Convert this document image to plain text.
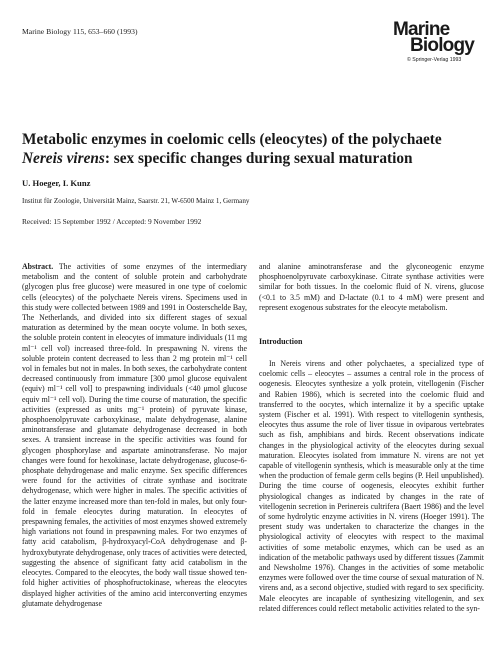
Marine Biology 115, 653–660 (1993)	Marine
Biology
© Springer-Verlag 1993
Metabolic enzymes in coelomic cells (eleocytes) of the polychaete
Nereis virens: sex specific changes during sexual maturation
U. Hoeger, I. Kunz
Institut für Zoologie, Universität Mainz, Saarstr. 21, W-6500 Mainz 1, Germany
Received: 15 September 1992 / Accepted: 9 November 1992

Abstract. The activities of some enzymes of the intermediary metabolism and the content of soluble protein and carbohydrate (glycogen plus free glucose) were measured in one type of coelomic cells (eleocytes) of the polychaete Nereis virens. Specimens used in this study were collected between 1989 and 1991 in Oosterschelde Bay, The Netherlands, and divided into six different stages of sexual maturation as determined by the mean oocyte volume. In both sexes, the soluble protein content in eleocytes of immature individuals (11 mg ml⁻¹ cell vol) increased three-fold. In prespawning N. virens the soluble protein content decreased to less than 2 mg protein ml⁻¹ cell vol in females but not in males. In both sexes, the carbohydrate content decreased continuously from immature [300 μmol glucose equivalent (equiv) ml⁻¹ cell vol] to prespawning individuals (<40 μmol glucose equiv ml⁻¹ cell vol). During the time course of maturation, the specific activities (expressed as units mg⁻¹ protein) of pyruvate kinase, phosphoenolpyruvate carboxykinase, malate dehydrogenase, alanine aminotransferase and glutamate dehydrogenase decreased in both sexes. A transient increase in the specific activities was found for glycogen phosphorylase and aspartate aminotransferase. No major changes were found for hexokinase, lactate dehydrogenase, glucose-6-phosphate dehydrogenase and malic enzyme. Sex specific differences were found for the activities of citrate synthase and isocitrate dehydrogenase, which were higher in males. The specific activities of the latter enzyme increased more than ten-fold in males, but only four-fold in female eleocytes during maturation. In eleocytes of prespawning females, the activities of most enzymes showed extremely high variations not found in prespawning males. For two enzymes of fatty acid catabolism, β-hydroxyacyl-CoA dehydrogenase and β-hydroxybutyrate dehydrogenase, only traces of activities were detected, suggesting the absence of significant fatty acid catabolism in the eleocytes. Compared to the eleocytes, the body wall tissue showed ten-fold higher activities of phosphofructokinase, whereas the eleocytes displayed higher activities of the amino acid interconverting enzymes glutamate dehydrogenase

and alanine aminotransferase and the glyconeogenic enzyme phosphoenolpyruvate carboxykinase. Citrate synthase activities were similar for both tissues. In the coelomic fluid of N. virens, glucose (<0.1 to 3.5 mM) and D-lactate (0.1 to 4 mM) were present and represent exogenous substrates for the eleocyte metabolism.

Introduction

In Nereis virens and other polychaetes, a specialized type of coelomic cells – eleocytes – assumes a central role in the process of oogenesis. Eleocytes synthesize a yolk protein, vitellogenin (Fischer and Rabien 1986), which is secreted into the coelomic fluid and transferred to the oocytes, which internalize it by a specific uptake system (Fischer et al. 1991). With respect to vitellogenin synthesis, eleocytes thus assume the role of liver tissue in oviparous vertebrates such as fish, amphibians and birds. Recent observations indicate changes in the physiological activity of the eleocytes during sexual maturation. Eleocytes isolated from immature N. virens are not yet capable of vitellogenin synthesis, which is measurable only at the time when the production of female germ cells begins (P. Heil unpublished). During the time course of oogenesis, eleocytes exhibit further physiological changes as indicated by changes in the rate of vitellogenin secretion in Perinereis cultrifera (Baert 1986) and the level of some hydrolytic enzyme activities in N. virens (Hoeger 1991). The present study was undertaken to characterize the changes in the physiological activity of eleocytes with respect to the maximal activities of some metabolic enzymes, which can be used as an indication of the metabolic pathways used by different tissues (Zammit and Newsholme 1976). Changes in the activities of some metabolic enzymes were followed over the time course of sexual maturation of N. virens and, as a second objective, studied with regard to sex specificity. Male eleocytes are incapable of synthesizing vitellogenin, and sex related differences could reflect metabolic activities related to the syn-
